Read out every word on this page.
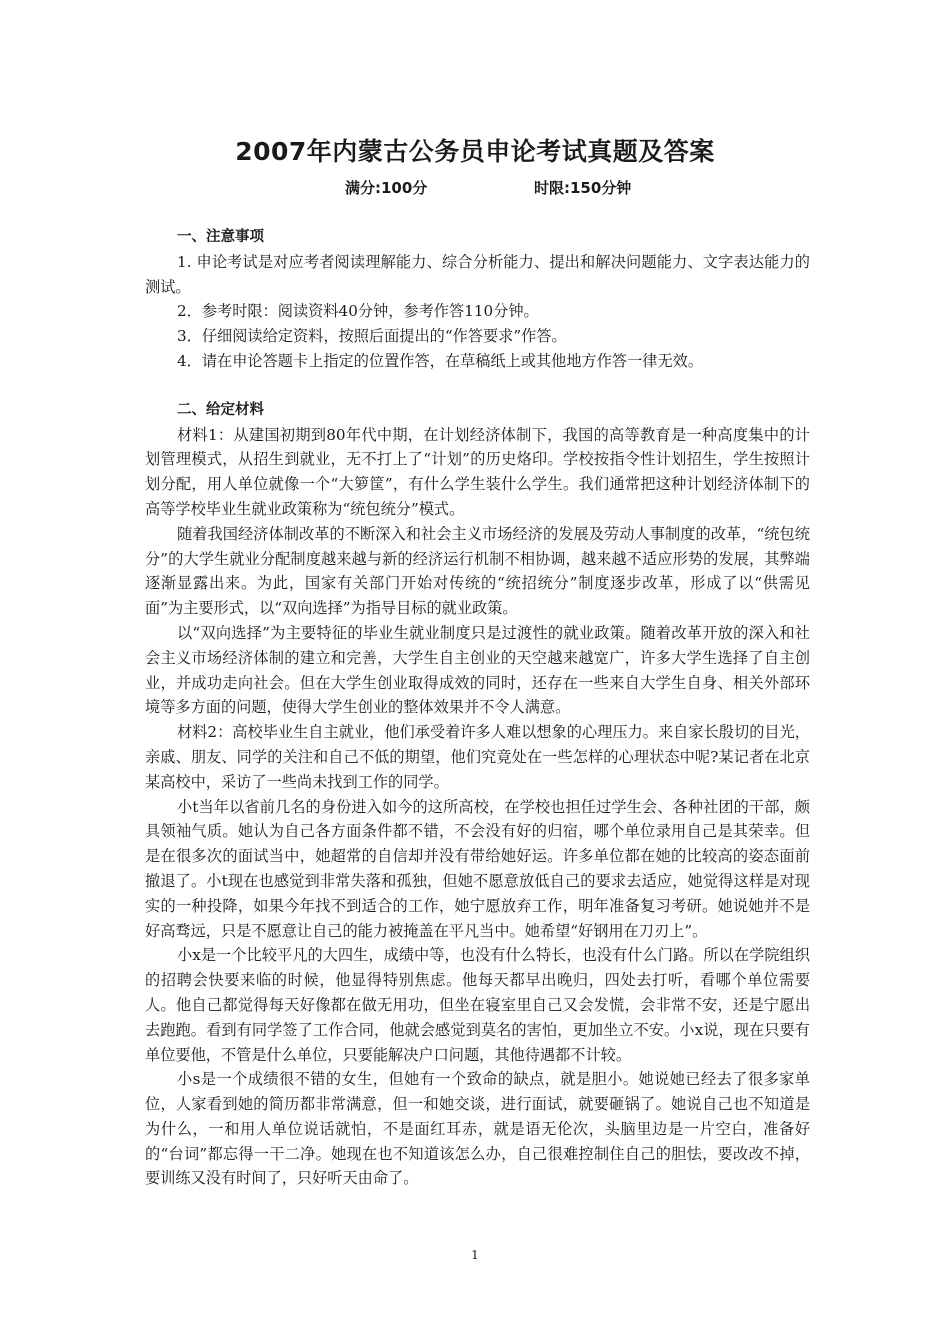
2007年内蒙古公务员申论考试真题及答案
满分:100分	时限:150分钟
一、注意事项

1. 申论考试是对应考者阅读理解能力、综合分析能力、提出和解决问题能力、文字表达能力的测试。

2．参考时限：阅读资料40分钟，参考作答110分钟。

3．仔细阅读给定资料，按照后面提出的“作答要求”作答。

4．请在申论答题卡上指定的位置作答，在草稿纸上或其他地方作答一律无效。

二、给定材料

材料1：从建国初期到80年代中期，在计划经济体制下，我国的高等教育是一种高度集中的计划管理模式，从招生到就业，无不打上了“计划”的历史烙印。学校按指令性计划招生，学生按照计划分配，用人单位就像一个“大箩筐”，有什么学生装什么学生。我们通常把这种计划经济体制下的高等学校毕业生就业政策称为“统包统分”模式。

随着我国经济体制改革的不断深入和社会主义市场经济的发展及劳动人事制度的改革，“统包统分”的大学生就业分配制度越来越与新的经济运行机制不相协调，越来越不适应形势的发展，其弊端逐渐显露出来。为此，国家有关部门开始对传统的“统招统分”制度逐步改革，形成了以“供需见面”为主要形式，以“双向选择”为指导目标的就业政策。

以“双向选择”为主要特征的毕业生就业制度只是过渡性的就业政策。随着改革开放的深入和社会主义市场经济体制的建立和完善，大学生自主创业的天空越来越宽广，许多大学生选择了自主创业，并成功走向社会。但在大学生创业取得成效的同时，还存在一些来自大学生自身、相关外部环境等多方面的问题，使得大学生创业的整体效果并不令人满意。

材料2：高校毕业生自主就业，他们承受着许多人难以想象的心理压力。来自家长殷切的目光，亲戚、朋友、同学的关注和自己不低的期望，他们究竟处在一些怎样的心理状态中呢?某记者在北京某高校中，采访了一些尚未找到工作的同学。

小t当年以省前几名的身份进入如今的这所高校，在学校也担任过学生会、各种社团的干部，颇具领袖气质。她认为自己各方面条件都不错，不会没有好的归宿，哪个单位录用自己是其荣幸。但是在很多次的面试当中，她超常的自信却并没有带给她好运。许多单位都在她的比较高的姿态面前撤退了。小t现在也感觉到非常失落和孤独，但她不愿意放低自己的要求去适应，她觉得这样是对现实的一种投降，如果今年找不到适合的工作，她宁愿放弃工作，明年准备复习考研。她说她并不是好高骛远，只是不愿意让自己的能力被掩盖在平凡当中。她希望“好钢用在刀刃上”。

小x是一个比较平凡的大四生，成绩中等，也没有什么特长，也没有什么门路。所以在学院组织的招聘会快要来临的时候，他显得特别焦虑。他每天都早出晚归，四处去打听，看哪个单位需要人。他自己都觉得每天好像都在做无用功，但坐在寝室里自己又会发慌，会非常不安，还是宁愿出去跑跑。看到有同学签了工作合同，他就会感觉到莫名的害怕，更加坐立不安。小x说，现在只要有单位要他，不管是什么单位，只要能解决户口问题，其他待遇都不计较。

小s是一个成绩很不错的女生，但她有一个致命的缺点，就是胆小。她说她已经去了很多家单位，人家看到她的简历都非常满意，但一和她交谈，进行面试，就要砸锅了。她说自己也不知道是为什么，一和用人单位说话就怕，不是面红耳赤，就是语无伦次，头脑里边是一片空白，准备好的“台词”都忘得一干二净。她现在也不知道该怎么办，自己很难控制住自己的胆怯，要改改不掉，要训练又没有时间了，只好听天由命了。

1
